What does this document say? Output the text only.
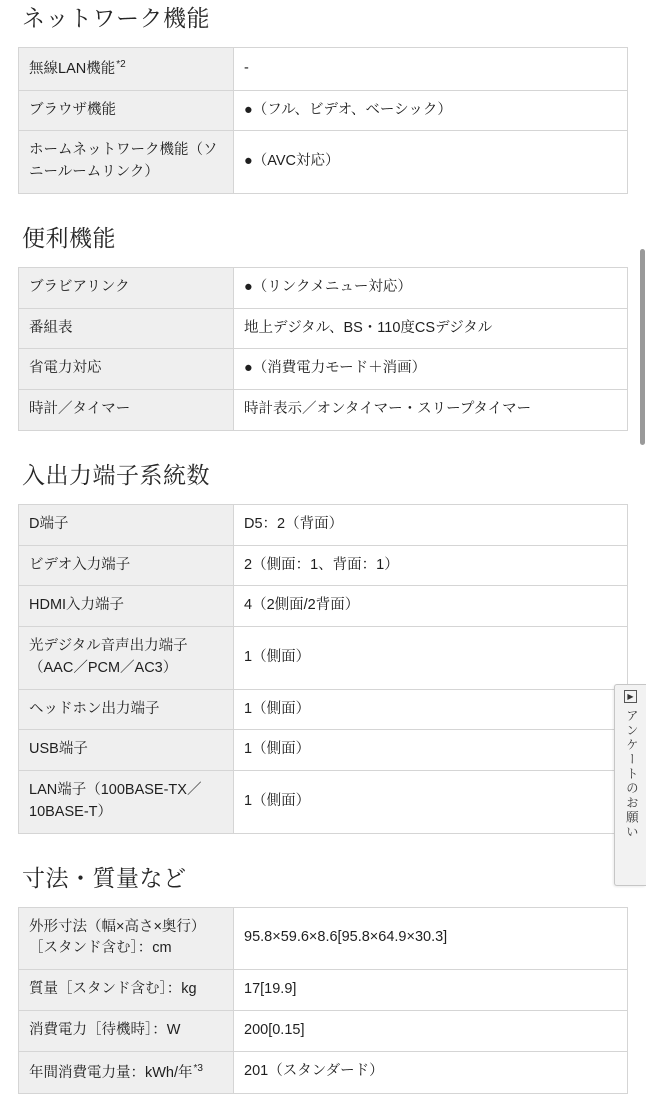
ネットワーク機能
無線LAN機能$^{*2}$	-
ブラウザ機能	●（フル、ビデオ、ベーシック）
ホームネットワーク機能（ソニールームリンク）	●（AVC対応）
便利機能
ブラビアリンク	●（リンクメニュー対応）
番組表	地上デジタル、BS・110度CSデジタル
省電力対応	●（消費電力モード＋消画）
時計／タイマー	時計表示／オンタイマー・スリープタイマー
入出力端子系統数
D端子	D5：2（背面）
ビデオ入力端子	2（側面：1、背面：1）
HDMI入力端子	4（2側面/2背面）
光デジタル音声出力端子（AAC／PCM／AC3）	1（側面）
ヘッドホン出力端子	1（側面）
USB端子	1（側面）
LAN端子（100BASE-TX／10BASE-T）	1（側面）
寸法・質量など
外形寸法（幅×高さ×奥行）［スタンド含む］：cm	95.8×59.6×8.6[95.8×64.9×30.3]
質量［スタンド含む］：kg	17[19.9]
消費電力［待機時］：W	200[0.15]
年間消費電力量：kWh/年$^{*3}$	201（スタンダード）
▶
アンケートのお願い
